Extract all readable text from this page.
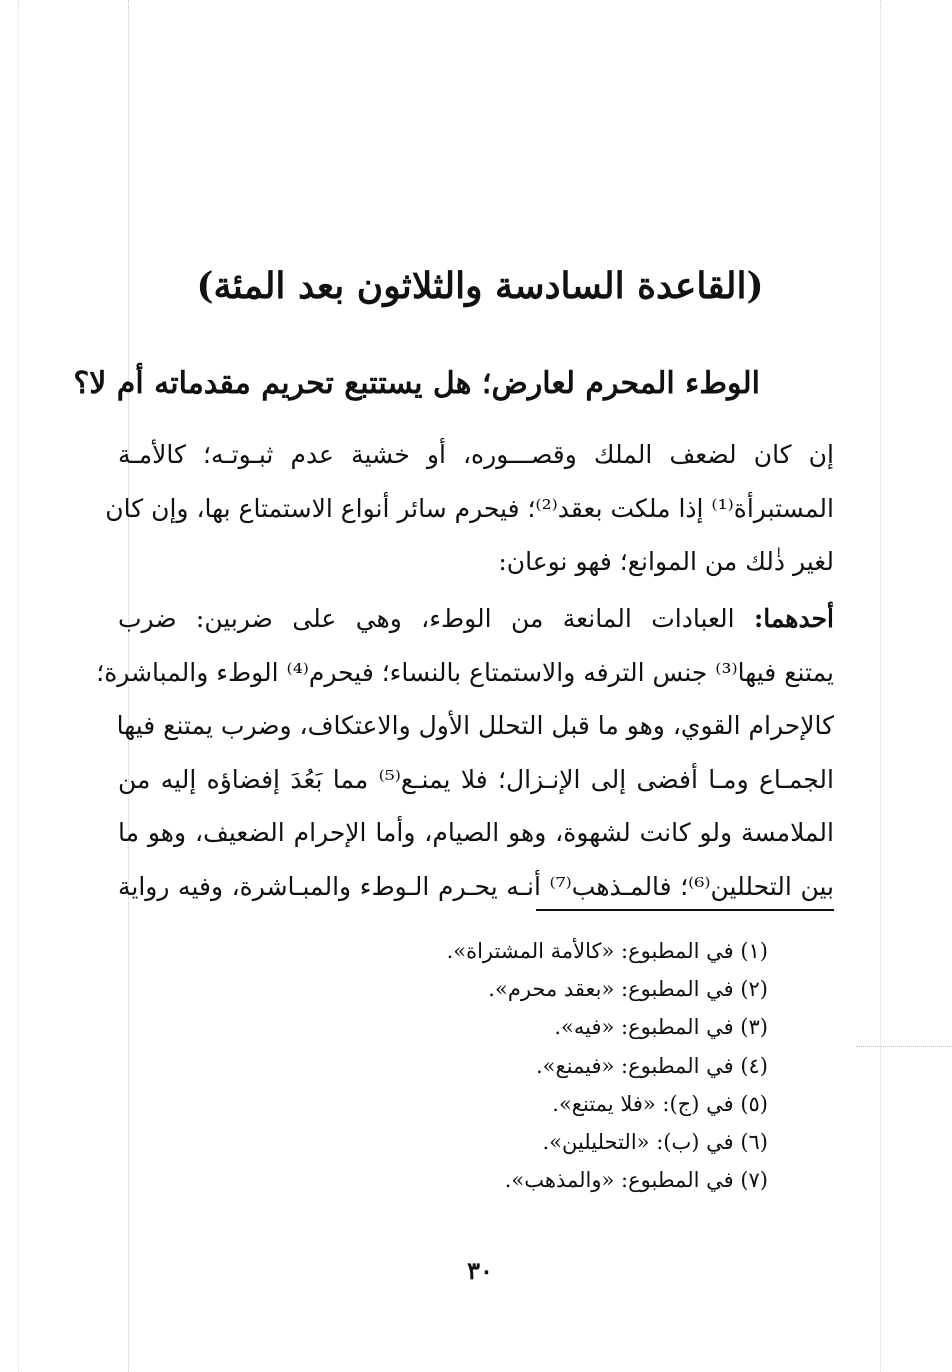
(القاعدة السادسة والثلاثون بعد المئة)
الوطء المحرم لعارض؛ هل يستتبع تحريم مقدماته أم لا؟
إن كان لضعف الملك وقصـــوره، أو خشية عدم ثبـوتـه؛ كالأمـة
المستبرأة⁽¹⁾ إذا ملكت بعقد⁽²⁾؛ فيحرم سائر أنواع الاستمتاع بها، وإن كان
لغير ذٰلك من الموانع؛ فهو نوعان:
أحدهما: العبادات المانعة من الوطء، وهي على ضربين: ضرب
يمتنع فيها⁽³⁾ جنس الترفه والاستمتاع بالنساء؛ فيحرم⁽⁴⁾ الوطء والمباشرة؛
كالإحرام القوي، وهو ما قبل التحلل الأول والاعتكاف، وضرب يمتنع فيها
الجمـاع ومـا أفضى إلى الإنـزال؛ فلا يمنـع⁽⁵⁾ مما بَعُدَ إفضاؤه إليه من
الملامسة ولو كانت لشهوة، وهو الصيام، وأما الإحرام الضعيف، وهو ما
بين التحللين⁽⁶⁾؛ فالمـذهب⁽⁷⁾ أنـه يحـرم الـوطء والمبـاشرة، وفيه رواية
(١) في المطبوع: «كالأمة المشتراة».
(٢) في المطبوع: «بعقد محرم».
(٣) في المطبوع: «فيه».
(٤) في المطبوع: «فيمنع».
(٥) في (ج): «فلا يمتنع».
(٦) في (ب): «التحليلين».
(٧) في المطبوع: «والمذهب».
٣٠
